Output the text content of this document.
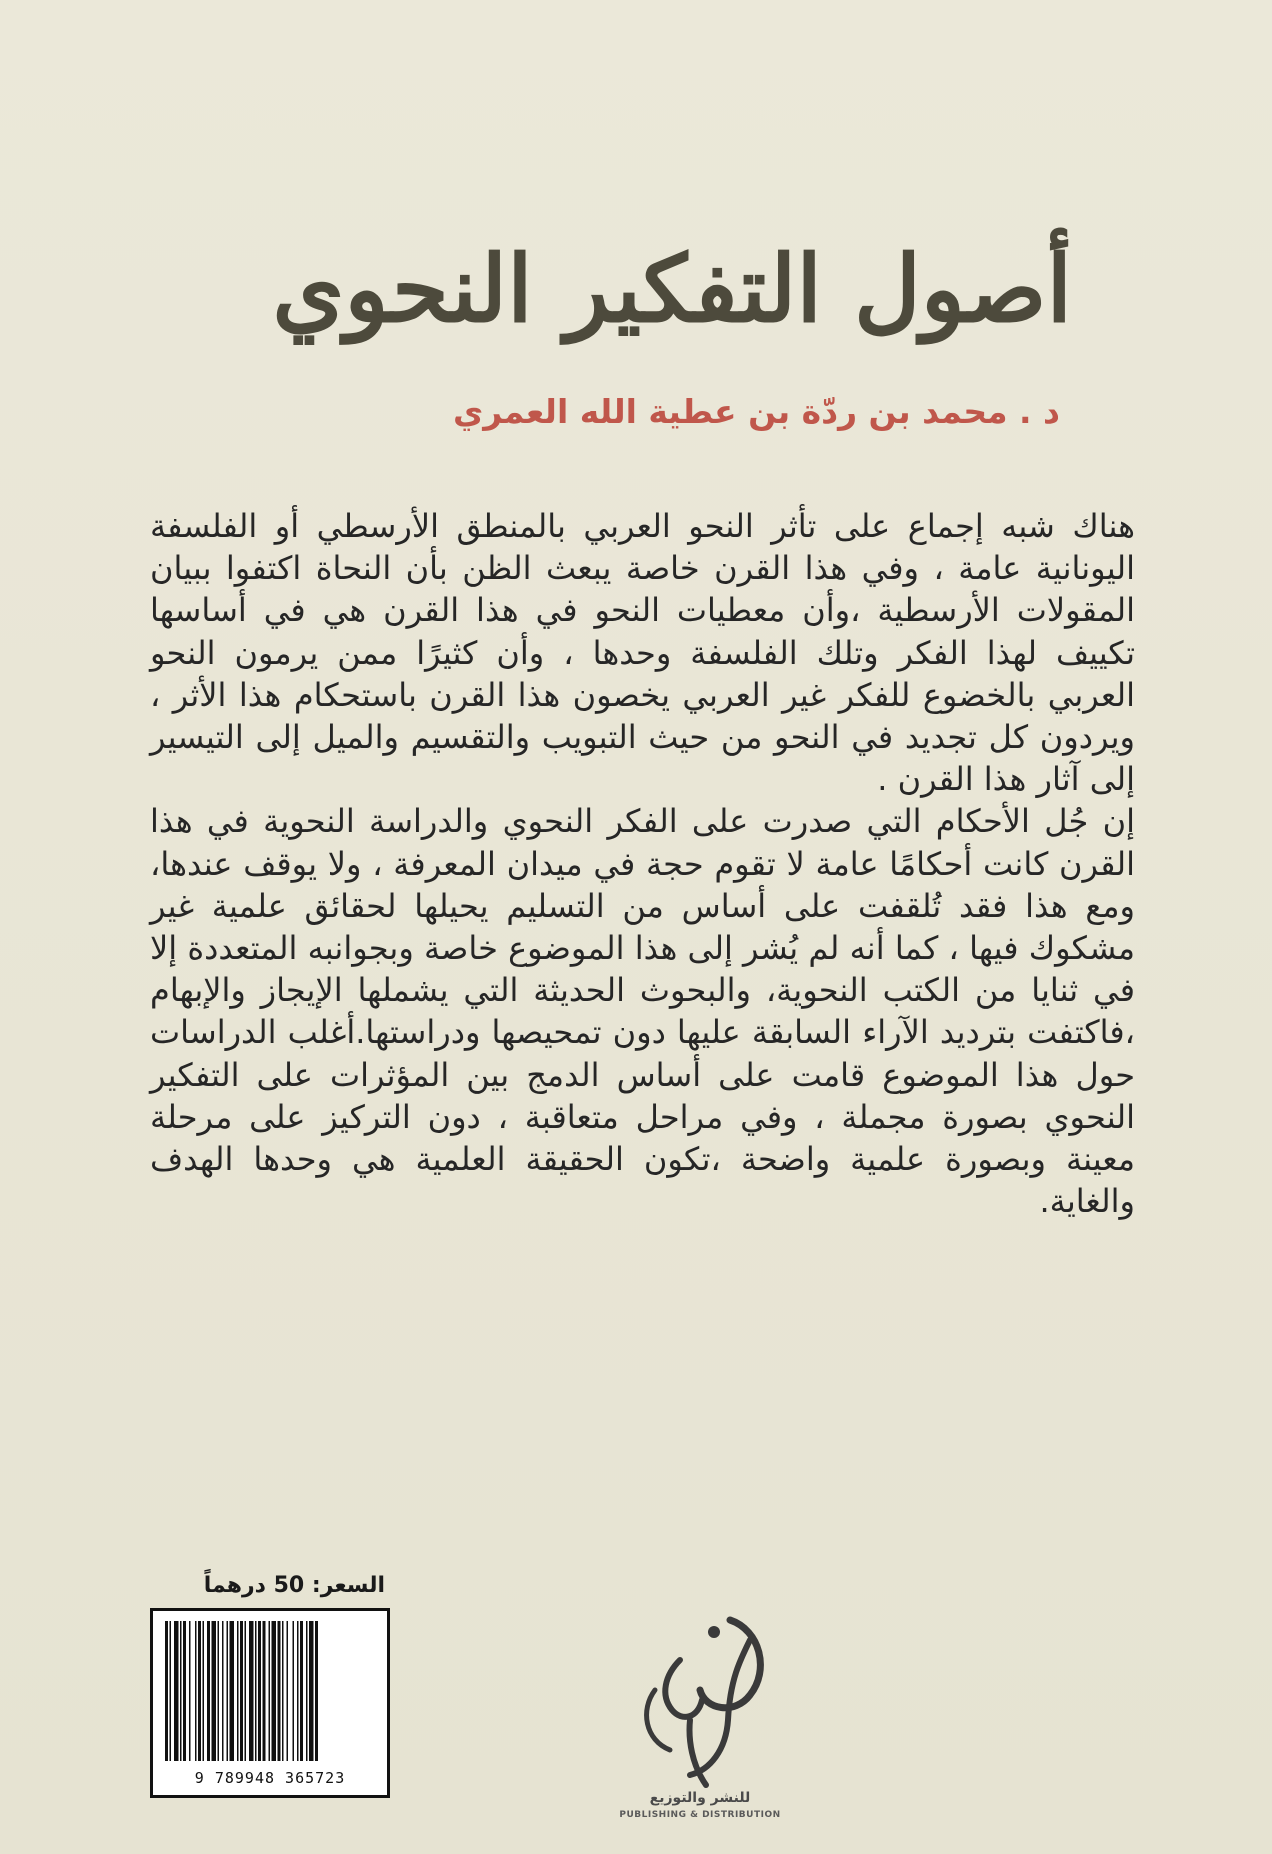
أصول التفكير النحوي
د . محمد بن ردّة بن عطية الله العمري

هناك شبه إجماع على تأثر النحو العربي بالمنطق الأرسطي أو الفلسفة اليونانية عامة ، وفي هذا القرن خاصة يبعث الظن بأن النحاة اكتفوا ببيان المقولات الأرسطية ،وأن معطيات النحو في هذا القرن هي في أساسها تكييف لهذا الفكر وتلك الفلسفة وحدها ، وأن كثيرًا ممن يرمون النحو العربي بالخضوع للفكر غير العربي يخصون هذا القرن باستحكام هذا الأثر ، ويردون كل تجديد في النحو من حيث التبويب والتقسيم والميل إلى التيسير إلى آثار هذا القرن .

إن جُل الأحكام التي صدرت على الفكر النحوي والدراسة النحوية في هذا القرن كانت أحكامًا عامة لا تقوم حجة في ميدان المعرفة ، ولا يوقف عندها، ومع هذا فقد تُلقفت على أساس من التسليم يحيلها لحقائق علمية غير مشكوك فيها ، كما أنه لم يُشر إلى هذا الموضوع خاصة وبجوانبه المتعددة إلا في ثنايا من الكتب النحوية، والبحوث الحديثة التي يشملها الإيجاز والإبهام ،فاكتفت بترديد الآراء السابقة عليها دون تمحيصها ودراستها.أغلب الدراسات حول هذا الموضوع قامت على أساس الدمج بين المؤثرات على التفكير النحوي بصورة مجملة ، وفي مراحل متعاقبة ، دون التركيز على مرحلة معينة وبصورة علمية واضحة ،تكون الحقيقة العلمية هي وحدها الهدف والغاية.

السعر: 50 درهماً
9 789948 365723
للنشر والتوزيع
PUBLISHING & DISTRIBUTION
